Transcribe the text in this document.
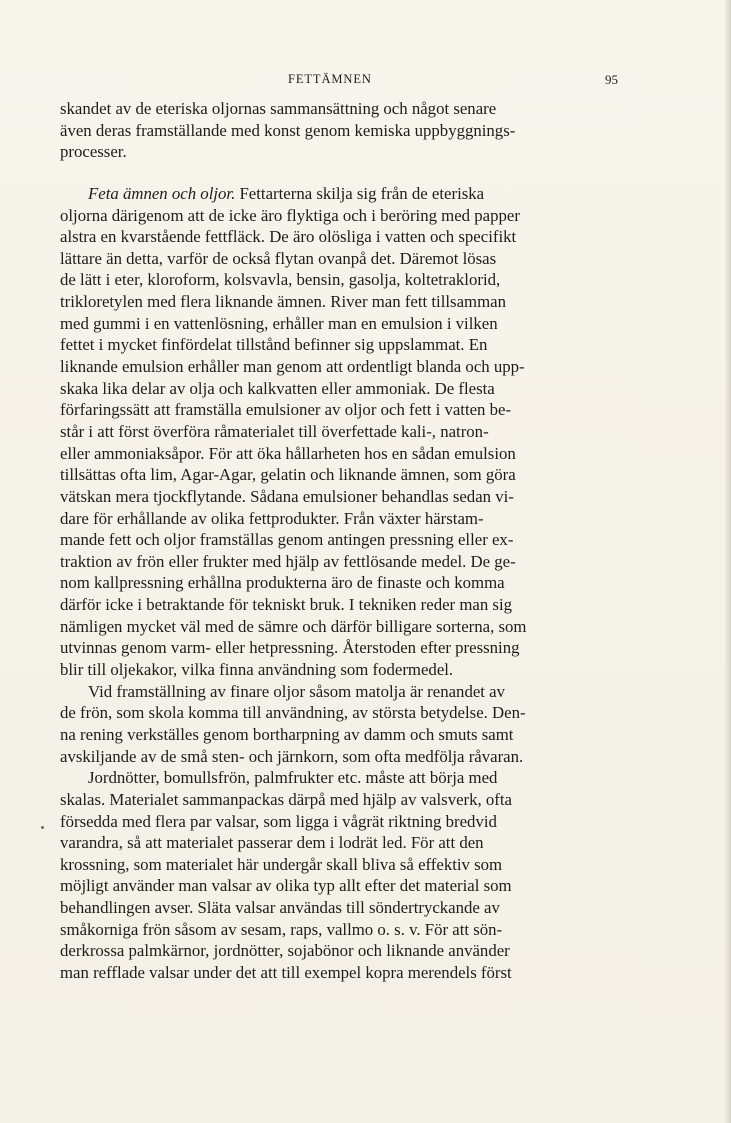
FETTÄMNEN	95
skandet av de eteriska oljornas sammansättning och något senare
även deras framställande med konst genom kemiska uppbyggnings-
processer.
Feta ämnen och oljor. Fettarterna skilja sig från de eteriska
oljorna därigenom att de icke äro flyktiga och i beröring med papper
alstra en kvarstående fettfläck. De äro olösliga i vatten och specifikt
lättare än detta, varför de också flytan ovanpå det. Däremot lösas
de lätt i eter, kloroform, kolsvavla, bensin, gasolja, koltetraklorid,
trikloretylen med flera liknande ämnen. River man fett tillsamman
med gummi i en vattenlösning, erhåller man en emulsion i vilken
fettet i mycket finfördelat tillstånd befinner sig uppslammat. En
liknande emulsion erhåller man genom att ordentligt blanda och upp-
skaka lika delar av olja och kalkvatten eller ammoniak. De flesta
förfaringssätt att framställa emulsioner av oljor och fett i vatten be-
står i att först överföra råmaterialet till överfettade kali-, natron-
eller ammoniaksåpor. För att öka hållarheten hos en sådan emulsion
tillsättas ofta lim, Agar-Agar, gelatin och liknande ämnen, som göra
vätskan mera tjockflytande. Sådana emulsioner behandlas sedan vi-
dare för erhållande av olika fettprodukter. Från växter härstam-
mande fett och oljor framställas genom antingen pressning eller ex-
traktion av frön eller frukter med hjälp av fettlösande medel. De ge-
nom kallpressning erhållna produkterna äro de finaste och komma
därför icke i betraktande för tekniskt bruk. I tekniken reder man sig
nämligen mycket väl med de sämre och därför billigare sorterna, som
utvinnas genom varm- eller hetpressning. Återstoden efter pressning
blir till oljekakor, vilka finna användning som fodermedel.
Vid framställning av finare oljor såsom matolja är renandet av
de frön, som skola komma till användning, av största betydelse. Den-
na rening verkställes genom bortharpning av damm och smuts samt
avskiljande av de små sten- och järnkorn, som ofta medfölja råvaran.
Jordnötter, bomullsfrön, palmfrukter etc. måste att börja med
skalas. Materialet sammanpackas därpå med hjälp av valsverk, ofta
försedda med flera par valsar, som ligga i vågrät riktning bredvid
varandra, så att materialet passerar dem i lodrät led. För att den
krossning, som materialet här undergår skall bliva så effektiv som
möjligt använder man valsar av olika typ allt efter det material som
behandlingen avser. Släta valsar användas till söndertryckande av
småkorniga frön såsom av sesam, raps, vallmo o. s. v. För att sön-
derkrossa palmkärnor, jordnötter, sojabönor och liknande använder
man refflade valsar under det att till exempel kopra merendels först
